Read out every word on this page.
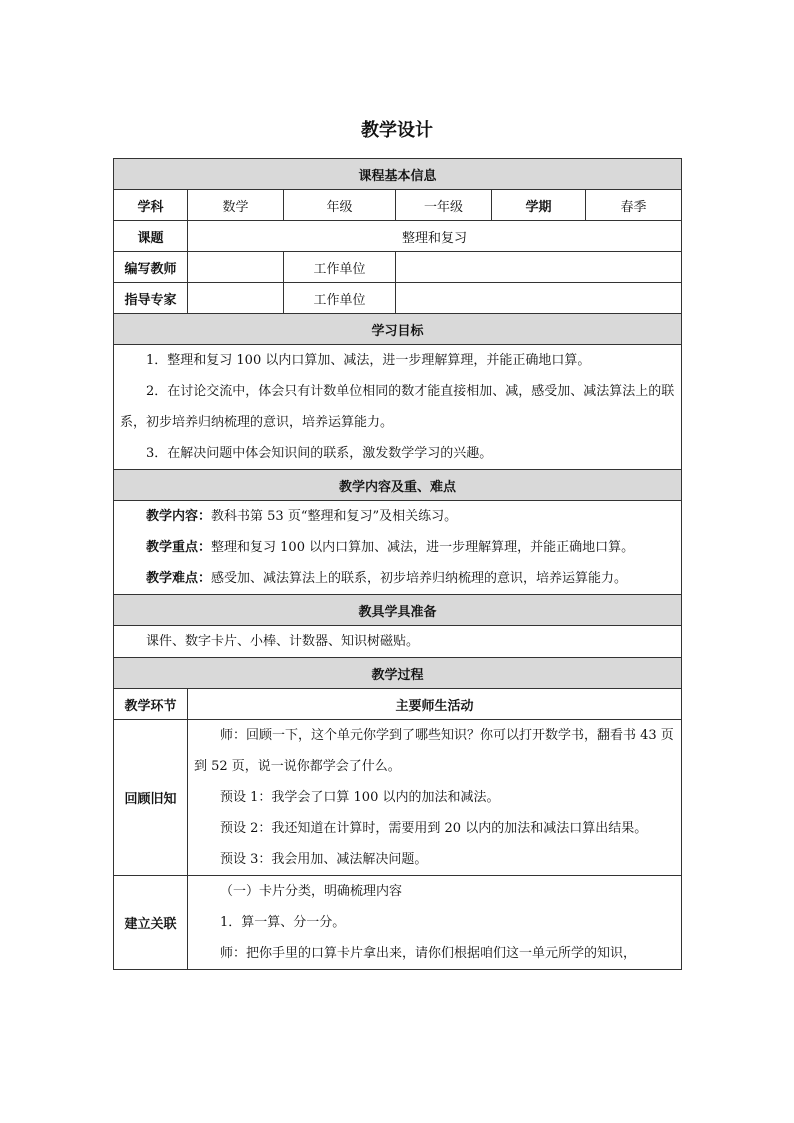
教学设计
课程基本信息					
学科	数学	年级	一年级	学期	春季
课题	整理和复习				
编写教师		工作单位			
指导专家		工作单位			
学习目标					

1．整理和复习 100 以内口算加、减法，进一步理解算理，并能正确地口算。

2．在讨论交流中，体会只有计数单位相同的数才能直接相加、减，感受加、减法算法上的联系，初步培养归纳梳理的意识，培养运算能力。

3．在解决问题中体会知识间的联系，激发数学学习的兴趣。					

教学内容及重、难点					

教学内容：教科书第 53 页“整理和复习”及相关练习。

教学重点：整理和复习 100 以内口算加、减法，进一步理解算理，并能正确地口算。

教学难点：感受加、减法算法上的联系，初步培养归纳梳理的意识，培养运算能力。					

教具学具准备					

课件、数字卡片、小棒、计数器、知识树磁贴。					

教学过程					
教学环节	主要师生活动				
回顾旧知	师：回顾一下，这个单元你学到了哪些知识？你可以打开数学书，翻看书 43 页到 52 页，说一说你都学会了什么。

预设 1：我学会了口算 100 以内的加法和减法。

预设 2：我还知道在计算时，需要用到 20 以内的加法和减法口算出结果。

预设 3：我会用加、减法解决问题。				

建立关联	（一）卡片分类，明确梳理内容

1．算一算、分一分。

师：把你手里的口算卡片拿出来，请你们根据咱们这一单元所学的知识，				
